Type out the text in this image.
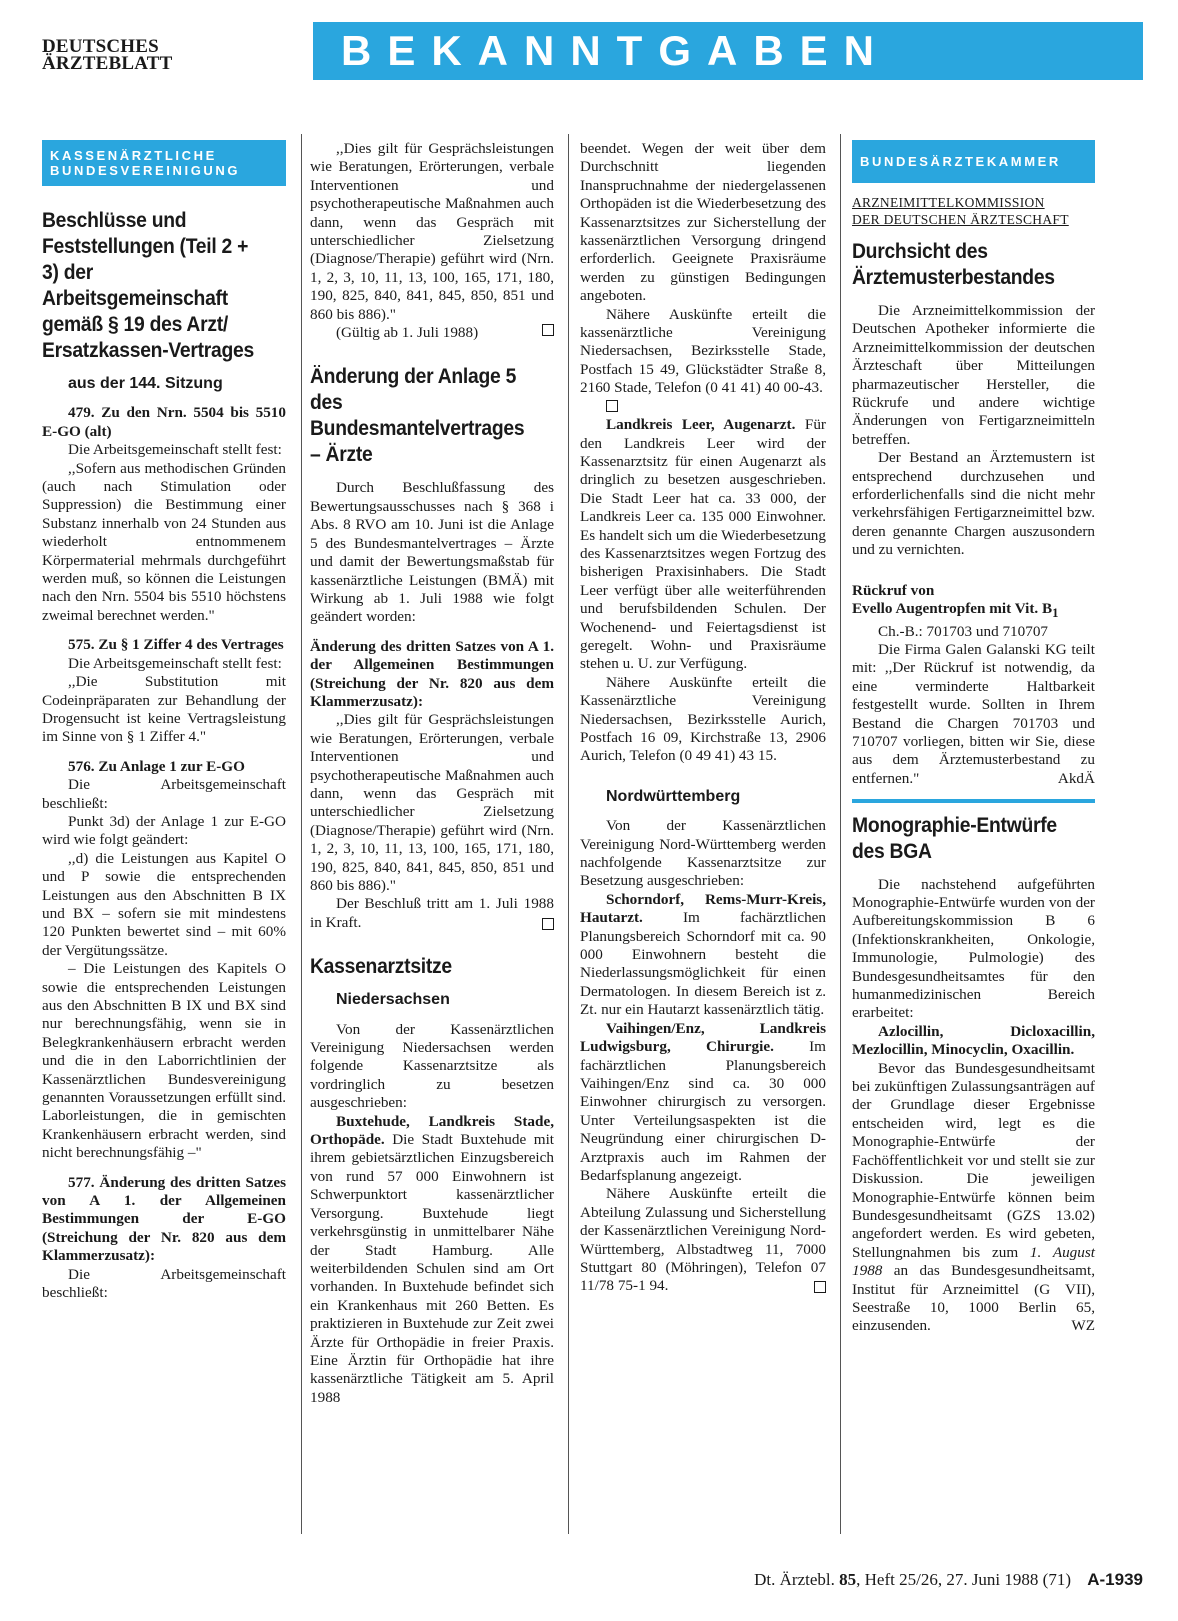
DEUTSCHES
ÄRZTEBLATT	BEKANNTGABEN
KASSENÄRZTLICHE
BUNDESVEREINIGUNG

Beschlüsse und Feststellungen (Teil 2 + 3) der Arbeitsgemeinschaft gemäß § 19 des Arzt/ Ersatzkassen-Vertrages

aus der 144. Sitzung

479. Zu den Nrn. 5504 bis 5510 E-GO (alt)

Die Arbeitsgemeinschaft stellt fest:

,,Sofern aus methodischen Gründen (auch nach Stimulation oder Suppression) die Bestimmung einer Substanz innerhalb von 24 Stunden aus wiederholt entnommenem Körpermaterial mehrmals durchgeführt werden muß, so können die Leistungen nach den Nrn. 5504 bis 5510 höchstens zweimal berechnet werden."

575. Zu § 1 Ziffer 4 des Vertrages

Die Arbeitsgemeinschaft stellt fest:

,,Die Substitution mit Codeinpräparaten zur Behandlung der Drogensucht ist keine Vertragsleistung im Sinne von § 1 Ziffer 4."

576. Zu Anlage 1 zur E-GO

Die Arbeitsgemeinschaft beschließt:

Punkt 3d) der Anlage 1 zur E-GO wird wie folgt geändert:

,,d) die Leistungen aus Kapitel O und P sowie die entsprechenden Leistungen aus den Abschnitten B IX und BX – sofern sie mit mindestens 120 Punkten bewertet sind – mit 60% der Vergütungssätze.

– Die Leistungen des Kapitels O sowie die entsprechenden Leistungen aus den Abschnitten B IX und BX sind nur berechnungsfähig, wenn sie in Belegkrankenhäusern erbracht werden und die in den Laborrichtlinien der Kassenärztlichen Bundesvereinigung genannten Voraussetzungen erfüllt sind. Laborleistungen, die in gemischten Krankenhäusern erbracht werden, sind nicht berechnungsfähig –"

577. Änderung des dritten Satzes von A 1. der Allgemeinen Bestimmungen der E-GO (Streichung der Nr. 820 aus dem Klammerzusatz):

Die Arbeitsgemeinschaft beschließt:

,,Dies gilt für Gesprächsleistungen wie Beratungen, Erörterungen, verbale Interventionen und psychotherapeutische Maßnahmen auch dann, wenn das Gespräch mit unterschiedlicher Zielsetzung (Diagnose/Therapie) geführt wird (Nrn. 1, 2, 3, 10, 11, 13, 100, 165, 171, 180, 190, 825, 840, 841, 845, 850, 851 und 860 bis 886)."

(Gültig ab 1. Juli 1988)

Änderung der Anlage 5 des Bundesmantelvertrages – Ärzte

Durch Beschlußfassung des Bewertungsausschusses nach § 368 i Abs. 8 RVO am 10. Juni ist die Anlage 5 des Bundesmantelvertrages – Ärzte und damit der Bewertungsmaßstab für kassenärztliche Leistungen (BMÄ) mit Wirkung ab 1. Juli 1988 wie folgt geändert worden:

Änderung des dritten Satzes von A 1. der Allgemeinen Bestimmungen (Streichung der Nr. 820 aus dem Klammerzusatz):

,,Dies gilt für Gesprächsleistungen wie Beratungen, Erörterungen, verbale Interventionen und psychotherapeutische Maßnahmen auch dann, wenn das Gespräch mit unterschiedlicher Zielsetzung (Diagnose/Therapie) geführt wird (Nrn. 1, 2, 3, 10, 11, 13, 100, 165, 171, 180, 190, 825, 840, 841, 845, 850, 851 und 860 bis 886)."

Der Beschluß tritt am 1. Juli 1988 in Kraft.

Kassenarztsitze

Niedersachsen

Von der Kassenärztlichen Vereinigung Niedersachsen werden folgende Kassenarztsitze als vordringlich zu besetzen ausgeschrieben:

Buxtehude, Landkreis Stade, Orthopäde. Die Stadt Buxtehude mit ihrem gebietsärztlichen Einzugsbereich von rund 57 000 Einwohnern ist Schwerpunktort kassenärztlicher Versorgung. Buxtehude liegt verkehrsgünstig in unmittelbarer Nähe der Stadt Hamburg. Alle weiterbildenden Schulen sind am Ort vorhanden. In Buxtehude befindet sich ein Krankenhaus mit 260 Betten. Es praktizieren in Buxtehude zur Zeit zwei Ärzte für Orthopädie in freier Praxis. Eine Ärztin für Orthopädie hat ihre kassenärztliche Tätigkeit am 5. April 1988

beendet. Wegen der weit über dem Durchschnitt liegenden Inanspruchnahme der niedergelassenen Orthopäden ist die Wiederbesetzung des Kassenarztsitzes zur Sicherstellung der kassenärztlichen Versorgung dringend erforderlich. Geeignete Praxisräume werden zu günstigen Bedingungen angeboten.

Nähere Auskünfte erteilt die kassenärztliche Vereinigung Niedersachsen, Bezirksstelle Stade, Postfach 15 49, Glückstädter Straße 8, 2160 Stade, Telefon (0 41 41) 40 00-43.

Landkreis Leer, Augenarzt. Für den Landkreis Leer wird der Kassenarztsitz für einen Augenarzt als dringlich zu besetzen ausgeschrieben. Die Stadt Leer hat ca. 33 000, der Landkreis Leer ca. 135 000 Einwohner. Es handelt sich um die Wiederbesetzung des Kassenarztsitzes wegen Fortzug des bisherigen Praxisinhabers. Die Stadt Leer verfügt über alle weiterführenden und berufsbildenden Schulen. Der Wochenend- und Feiertagsdienst ist geregelt. Wohn- und Praxisräume stehen u. U. zur Verfügung.

Nähere Auskünfte erteilt die Kassenärztliche Vereinigung Niedersachsen, Bezirksstelle Aurich, Postfach 16 09, Kirchstraße 13, 2906 Aurich, Telefon (0 49 41) 43 15.

Nordwürttemberg

Von der Kassenärztlichen Vereinigung Nord-Württemberg werden nachfolgende Kassenarztsitze zur Besetzung ausgeschrieben:

Schorndorf, Rems-Murr-Kreis, Hautarzt.	Im fachärztlichen Planungsbereich Schorndorf mit ca. 90 000 Einwohnern besteht die Niederlassungsmöglichkeit für einen Dermatologen. In diesem Bereich ist z. Zt. nur ein Hautarzt kassenärztlich tätig.

Vaihingen/Enz, Landkreis Ludwigsburg, Chirurgie. Im fachärztlichen Planungsbereich Vaihingen/Enz sind ca. 30 000 Einwohner chirurgisch zu versorgen. Unter Verteilungsaspekten ist die Neugründung einer chirurgischen D-Arztpraxis auch im Rahmen der Bedarfsplanung angezeigt.

Nähere Auskünfte erteilt die Abteilung Zulassung und Sicherstellung der Kassenärztlichen Vereinigung Nord-Württemberg, Albstadtweg 11, 7000 Stuttgart 80 (Möhringen), Telefon 07 11/78 75-1 94.

BUNDESÄRZTEKAMMER
ARZNEIMITTELKOMMISSION
DER DEUTSCHEN ÄRZTESCHAFT

Durchsicht des Ärztemusterbestandes

Die Arzneimittelkommission der Deutschen Apotheker informierte die Arzneimittelkommission der deutschen Ärzteschaft über Mitteilungen pharmazeutischer Hersteller, die Rückrufe und andere wichtige Änderungen von Fertigarzneimitteln betreffen.

Der Bestand an Ärztemustern ist entsprechend durchzusehen und erforderlichenfalls sind die nicht mehr verkehrsfähigen Fertigarzneimittel bzw. deren genannte Chargen auszusondern und zu vernichten.

Rückruf von

Evello Augentropfen mit Vit. $B_1$

Ch.-B.: 701703 und 710707

Die Firma Galen Galanski KG teilt mit: ,,Der Rückruf ist notwendig, da eine verminderte Haltbarkeit festgestellt wurde. Sollten in Ihrem Bestand die Chargen 701703 und 710707 vorliegen, bitten wir Sie, diese aus dem Ärztemusterbestand zu entfernen."	AkdÄ

Monographie-Entwürfe des BGA

Die nachstehend aufgeführten Monographie-Entwürfe wurden von der Aufbereitungskommission B 6 (Infektionskrankheiten, Onkologie, Immunologie, Pulmologie) des Bundesgesundheitsamtes für den humanmedizinischen Bereich erarbeitet:

Azlocillin, Dicloxacillin, Mezlocillin, Minocyclin, Oxacillin.

Bevor das Bundesgesundheitsamt bei zukünftigen Zulassungsanträgen auf der Grundlage dieser Ergebnisse entscheiden wird, legt es die Monographie-Entwürfe der Fachöffentlichkeit vor und stellt sie zur Diskussion. Die jeweiligen Monographie-Entwürfe können beim Bundesgesundheitsamt (GZS 13.02) angefordert werden. Es wird gebeten, Stellungnahmen bis zum 1. August 1988 an das Bundesgesundheitsamt, Institut für Arzneimittel (G VII), Seestraße 10, 1000 Berlin 65, einzusenden.	WZ

Dt. Ärztebl. 85, Heft 25/26, 27. Juni 1988 (71) A-1939
